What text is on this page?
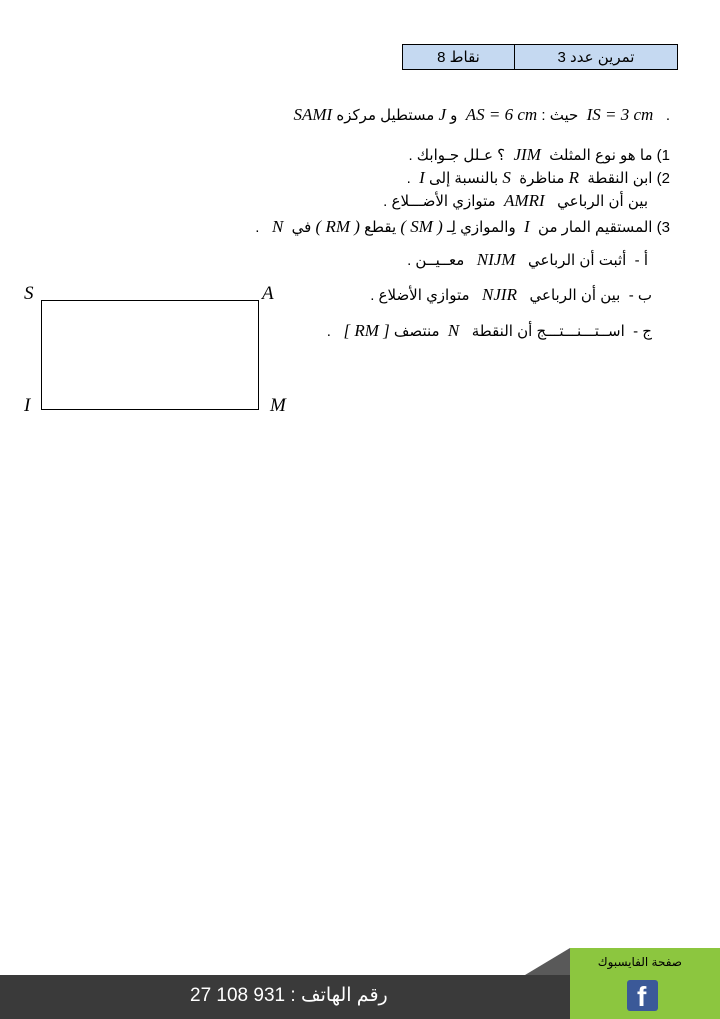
8 نقاط	تمرين عدد 3
SAMI مستطيل مركزه J	حيث : AS = 6 cm  و	IS = 3 cm .
1) ما هو نوع المثلث  JIM  ؟ عـلل جـوابك .
2) ابن النقطة  R مناظرة  S بالنسبة إلى I  .
بين أن الرباعي   AMRI  متوازي الأضـــلاع .
3) المستقيم المار من  I  والموازي لِـ ( SM ) يقطع ( RM ) في  N   .
أ -  أثبت أن الرباعي   NIJM   معــيــن .
ب -  بين أن الرباعي   NJIR   متوازي الأضلاع .
ج -  اســتـــنـــتـــج أن النقطة   N  منتصف [ RM ]   .
S	A
I	M
رقم الهاتف : 931 108 27
صفحة الفايسبوك
f
